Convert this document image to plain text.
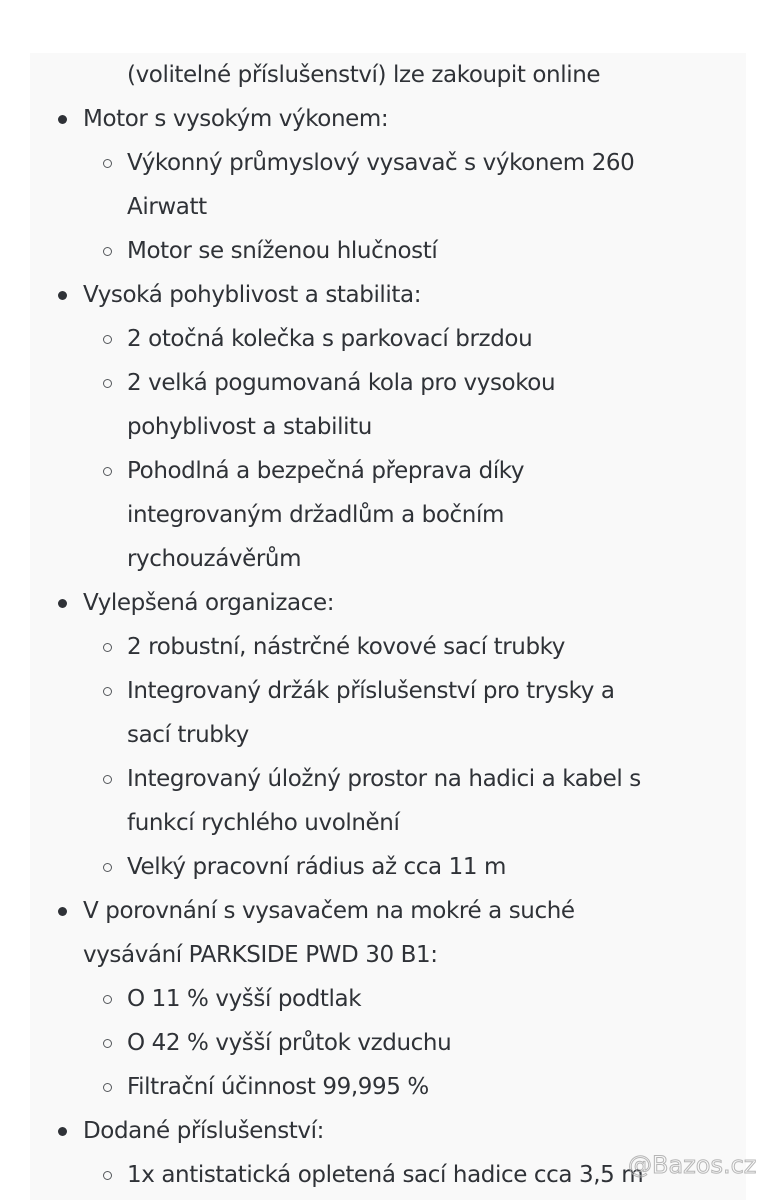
(volitelné příslušenství) lze zakoupit online
Motor s vysokým výkonem:
Výkonný průmyslový vysavač s výkonem 260
Airwatt
Motor se sníženou hlučností
Vysoká pohyblivost a stabilita:
2 otočná kolečka s parkovací brzdou
2 velká pogumovaná kola pro vysokou
pohyblivost a stabilitu
Pohodlná a bezpečná přeprava díky
integrovaným držadlům a bočním
rychouzávěrům
Vylepšená organizace:
2 robustní, nástrčné kovové sací trubky
Integrovaný držák příslušenství pro trysky a
sací trubky
Integrovaný úložný prostor na hadici a kabel s
funkcí rychlého uvolnění
Velký pracovní rádius až cca 11 m
V porovnání s vysavačem na mokré a suché
vysávání PARKSIDE PWD 30 B1:
O 11 % vyšší podtlak
O 42 % vyšší průtok vzduchu
Filtrační účinnost 99,995 %
Dodané příslušenství:
1x antistatická opletená sací hadice cca 3,5 m
@Bazos.cz
